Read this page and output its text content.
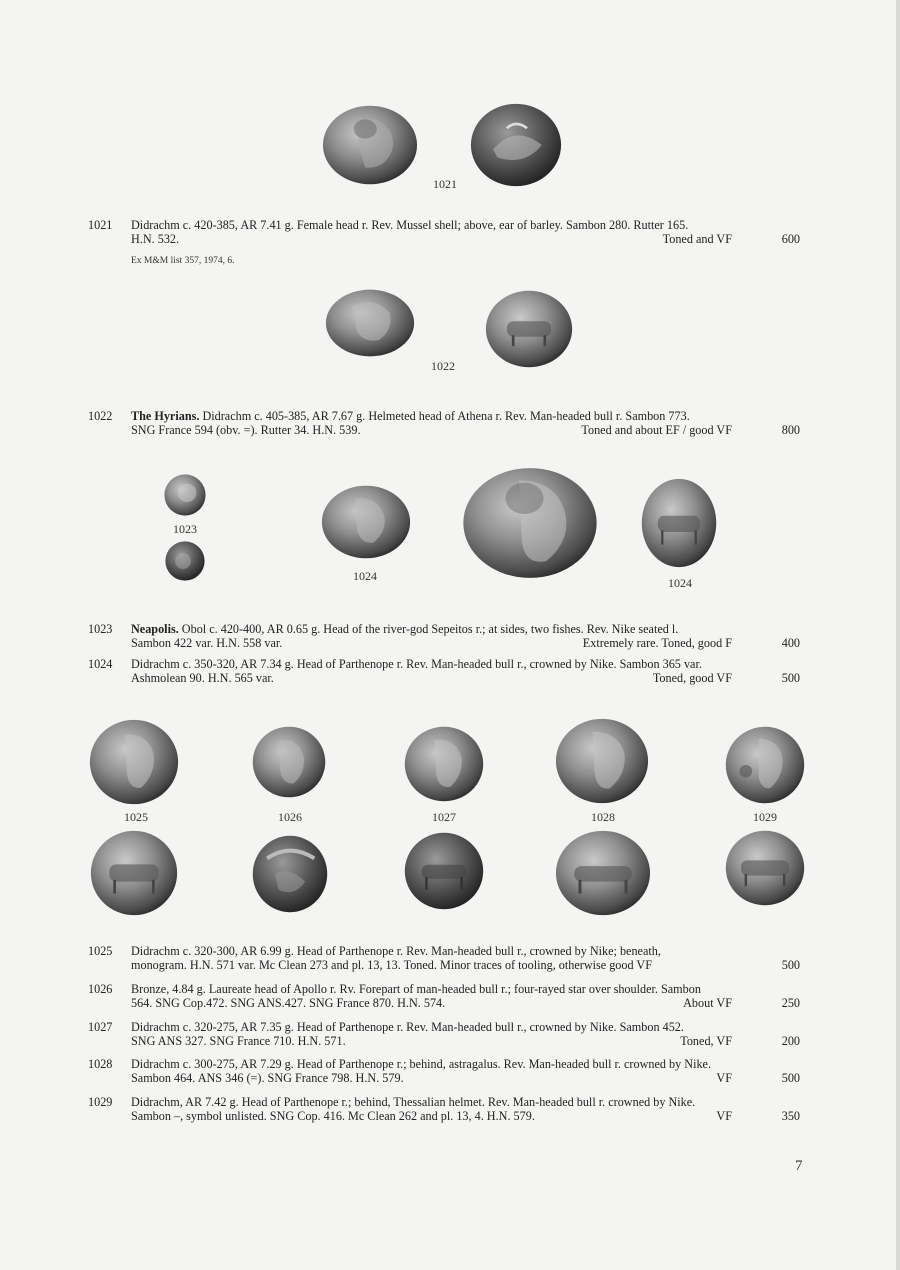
1021
1021	Didrachm c. 420-385, AR 7.41 g. Female head r. Rev. Mussel shell; above, ear of barley. Sambon 280. Rutter 165.
H.N. 532.	Toned and VF	600
Ex M&M list 357, 1974, 6.
1022
1022	The Hyrians. Didrachm c. 405-385, AR 7.67 g. Helmeted head of Athena r. Rev. Man-headed bull r. Sambon 773.
SNG France 594 (obv. =). Rutter 34. H.N. 539.	Toned and about EF / good VF	800
1023
1024	1024
1023	Neapolis. Obol c. 420-400, AR 0.65 g. Head of the river-god Sepeitos r.; at sides, two fishes. Rev. Nike seated l.
Sambon 422 var. H.N. 558 var.	Extremely rare. Toned, good F	400
1024	Didrachm c. 350-320, AR 7.34 g. Head of Parthenope r. Rev. Man-headed bull r., crowned by Nike. Sambon 365 var.
Ashmolean 90. H.N. 565 var.	Toned, good VF	500
1025	1026	1027	1028	1029
1025	Didrachm c. 320-300, AR 6.99 g. Head of Parthenope r. Rev. Man-headed bull r., crowned by Nike; beneath,
monogram. H.N. 571 var. Mc Clean 273 and pl. 13, 13. Toned. Minor traces of tooling, otherwise good VF	500
1026	Bronze, 4.84 g. Laureate head of Apollo r. Rv. Forepart of man-headed bull r.; four-rayed star over shoulder. Sambon
564. SNG Cop.472. SNG ANS.427. SNG France 870. H.N. 574.	About VF	250
1027	Didrachm c. 320-275, AR 7.35 g. Head of Parthenope r. Rev. Man-headed bull r., crowned by Nike. Sambon 452.
SNG ANS 327. SNG France 710. H.N. 571.	Toned, VF	200
1028	Didrachm c. 300-275, AR 7.29 g. Head of Parthenope r.; behind, astragalus. Rev. Man-headed bull r. crowned by Nike.
Sambon 464. ANS 346 (=). SNG France 798. H.N. 579.	VF	500
1029	Didrachm, AR 7.42 g. Head of Parthenope r.; behind, Thessalian helmet. Rev. Man-headed bull r. crowned by Nike.
Sambon –, symbol unlisted. SNG Cop. 416. Mc Clean 262 and pl. 13, 4. H.N. 579.	VF	350
7
